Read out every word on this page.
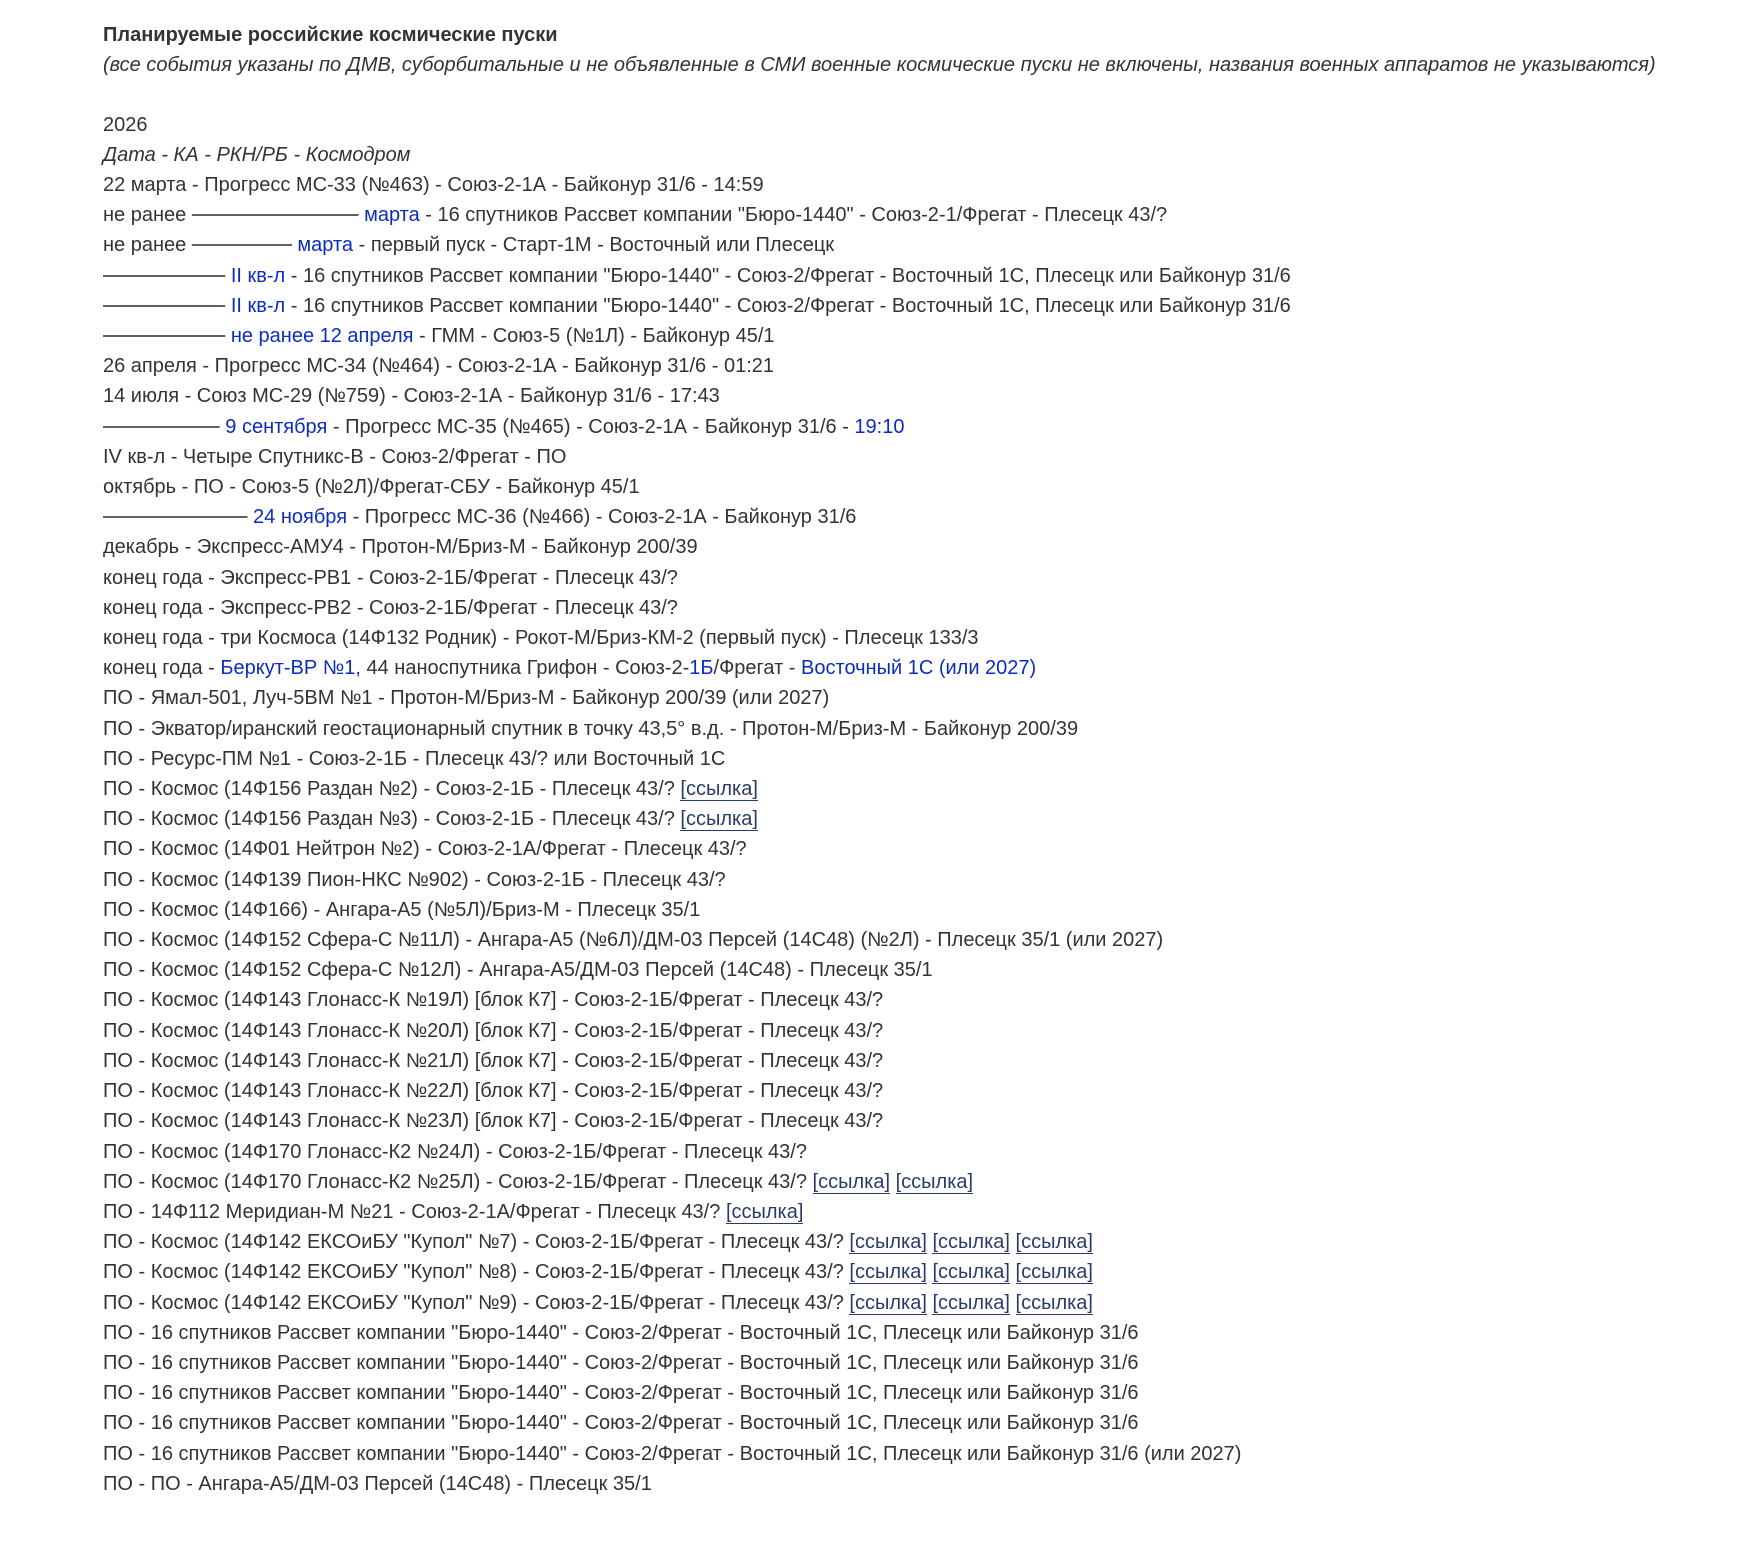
Планируемые российские космические пуски
(все события указаны по ДМВ, суборбитальные и не объявленные в СМИ военные космические пуски не включены, названия военных аппаратов не указываются)
2026
Дата - КА - РКН/РБ - Космодром
22 марта - Прогресс МС-33 (№463) - Союз-2-1А - Байконур 31/6 - 14:59
не ранее	марта - 16 спутников Рассвет компании "Бюро-1440" - Союз-2-1/Фрегат - Плесецк 43/?
не ранее	марта - первый пуск - Старт-1М - Восточный или Плесецк
II кв-л - 16 спутников Рассвет компании "Бюро-1440" - Союз-2/Фрегат - Восточный 1С, Плесецк или Байконур 31/6
II кв-л - 16 спутников Рассвет компании "Бюро-1440" - Союз-2/Фрегат - Восточный 1С, Плесецк или Байконур 31/6
не ранее 12 апреля - ГММ - Союз-5 (№1Л) - Байконур 45/1
26 апреля - Прогресс МС-34 (№464) - Союз-2-1А - Байконур 31/6 - 01:21
14 июля - Союз МС-29 (№759) - Союз-2-1А - Байконур 31/6 - 17:43
9 сентября - Прогресс МС-35 (№465) - Союз-2-1А - Байконур 31/6 - 19:10
IV кв-л - Четыре Спутникс-В - Союз-2/Фрегат - ПО
октябрь - ПО - Союз-5 (№2Л)/Фрегат-СБУ - Байконур 45/1
24 ноября - Прогресс МС-36 (№466) - Союз-2-1А - Байконур 31/6
декабрь - Экспресс-АМУ4 - Протон-М/Бриз-М - Байконур 200/39
конец года - Экспресс-РВ1 - Союз-2-1Б/Фрегат - Плесецк 43/?
конец года - Экспресс-РВ2 - Союз-2-1Б/Фрегат - Плесецк 43/?
конец года - три Космоса (14Ф132 Родник) - Рокот-М/Бриз-КМ-2 (первый пуск) - Плесецк 133/3
конец года - Беркут-ВР №1, 44 наноспутника Грифон - Союз-2-1Б/Фрегат - Восточный 1С (или 2027)
ПО - Ямал-501, Луч-5ВМ №1 - Протон-М/Бриз-М - Байконур 200/39 (или 2027)
ПО - Экватор/иранский геостационарный спутник в точку 43,5° в.д. - Протон-М/Бриз-М - Байконур 200/39
ПО - Ресурс-ПМ №1 - Союз-2-1Б - Плесецк 43/? или Восточный 1С
ПО - Космос (14Ф156 Раздан №2) - Союз-2-1Б - Плесецк 43/? [ссылка]
ПО - Космос (14Ф156 Раздан №3) - Союз-2-1Б - Плесецк 43/? [ссылка]
ПО - Космос (14Ф01 Нейтрон №2) - Союз-2-1А/Фрегат - Плесецк 43/?
ПО - Космос (14Ф139 Пион-НКС №902) - Союз-2-1Б - Плесецк 43/?
ПО - Космос (14Ф166) - Ангара-А5 (№5Л)/Бриз-М - Плесецк 35/1
ПО - Космос (14Ф152 Сфера-С №11Л) - Ангара-А5 (№6Л)/ДМ-03 Персей (14С48) (№2Л) - Плесецк 35/1 (или 2027)
ПО - Космос (14Ф152 Сфера-С №12Л) - Ангара-А5/ДМ-03 Персей (14С48) - Плесецк 35/1
ПО - Космос (14Ф143 Глонасс-К №19Л) [блок К7] - Союз-2-1Б/Фрегат - Плесецк 43/?
ПО - Космос (14Ф143 Глонасс-К №20Л) [блок К7] - Союз-2-1Б/Фрегат - Плесецк 43/?
ПО - Космос (14Ф143 Глонасс-К №21Л) [блок К7] - Союз-2-1Б/Фрегат - Плесецк 43/?
ПО - Космос (14Ф143 Глонасс-К №22Л) [блок К7] - Союз-2-1Б/Фрегат - Плесецк 43/?
ПО - Космос (14Ф143 Глонасс-К №23Л) [блок К7] - Союз-2-1Б/Фрегат - Плесецк 43/?
ПО - Космос (14Ф170 Глонасс-К2 №24Л) - Союз-2-1Б/Фрегат - Плесецк 43/?
ПО - Космос (14Ф170 Глонасс-К2 №25Л) - Союз-2-1Б/Фрегат - Плесецк 43/? [ссылка] [ссылка]
ПО - 14Ф112 Меридиан-М №21 - Союз-2-1А/Фрегат - Плесецк 43/? [ссылка]
ПО - Космос (14Ф142 ЕКСОиБУ "Купол" №7) - Союз-2-1Б/Фрегат - Плесецк 43/? [ссылка] [ссылка] [ссылка]
ПО - Космос (14Ф142 ЕКСОиБУ "Купол" №8) - Союз-2-1Б/Фрегат - Плесецк 43/? [ссылка] [ссылка] [ссылка]
ПО - Космос (14Ф142 ЕКСОиБУ "Купол" №9) - Союз-2-1Б/Фрегат - Плесецк 43/? [ссылка] [ссылка] [ссылка]
ПО - 16 спутников Рассвет компании "Бюро-1440" - Союз-2/Фрегат - Восточный 1С, Плесецк или Байконур 31/6
ПО - 16 спутников Рассвет компании "Бюро-1440" - Союз-2/Фрегат - Восточный 1С, Плесецк или Байконур 31/6
ПО - 16 спутников Рассвет компании "Бюро-1440" - Союз-2/Фрегат - Восточный 1С, Плесецк или Байконур 31/6
ПО - 16 спутников Рассвет компании "Бюро-1440" - Союз-2/Фрегат - Восточный 1С, Плесецк или Байконур 31/6
ПО - 16 спутников Рассвет компании "Бюро-1440" - Союз-2/Фрегат - Восточный 1С, Плесецк или Байконур 31/6 (или 2027)
ПО - ПО - Ангара-А5/ДМ-03 Персей (14С48) - Плесецк 35/1
